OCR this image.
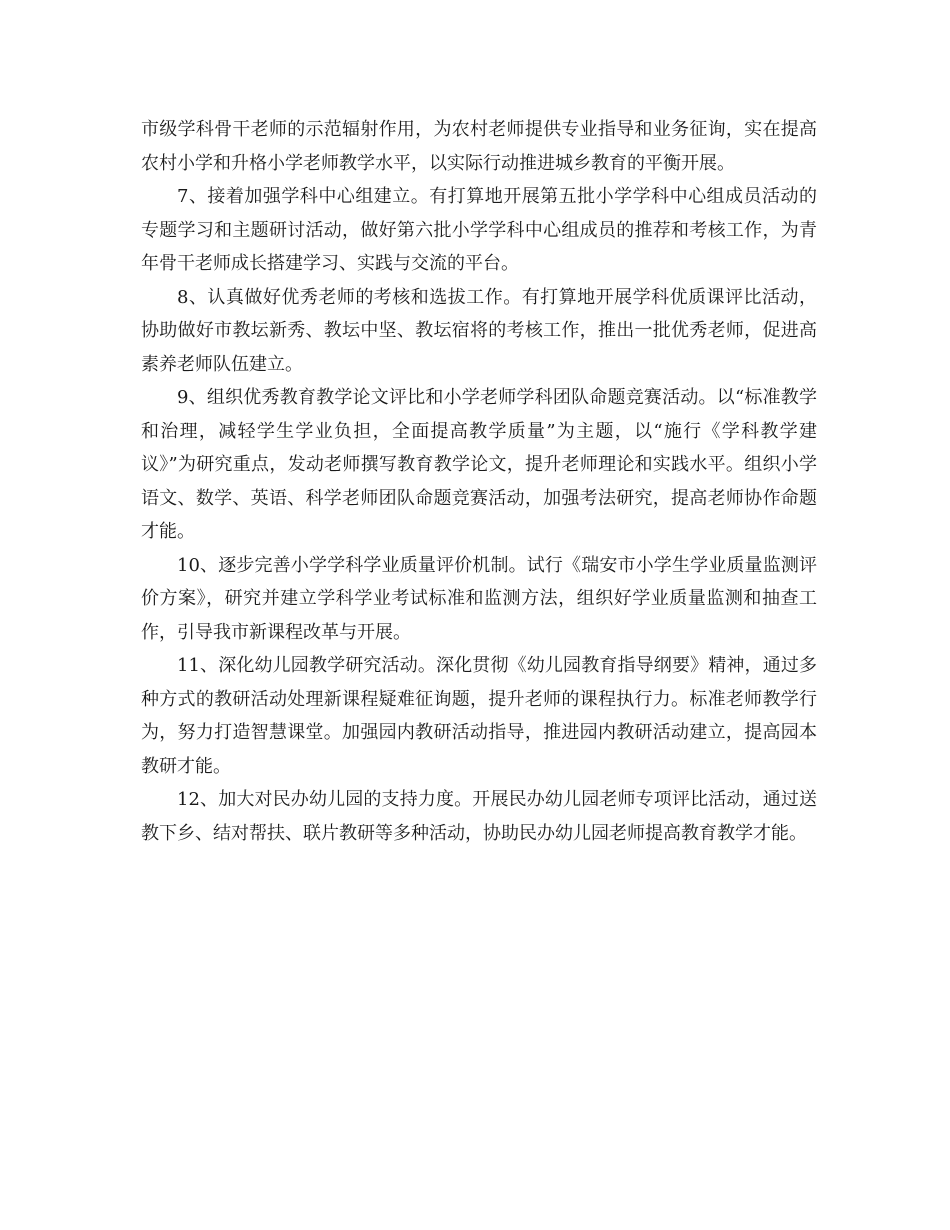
市级学科骨干老师的示范辐射作用，为农村老师提供专业指导和业务征询，实在提高农村小学和升格小学老师教学水平，以实际行动推进城乡教育的平衡开展。

7、接着加强学科中心组建立。有打算地开展第五批小学学科中心组成员活动的专题学习和主题研讨活动，做好第六批小学学科中心组成员的推荐和考核工作，为青年骨干老师成长搭建学习、实践与交流的平台。

8、认真做好优秀老师的考核和选拔工作。有打算地开展学科优质课评比活动，协助做好市教坛新秀、教坛中坚、教坛宿将的考核工作，推出一批优秀老师，促进高素养老师队伍建立。

9、组织优秀教育教学论文评比和小学老师学科团队命题竞赛活动。以“标准教学和治理，减轻学生学业负担，全面提高教学质量”为主题，以“施行《学科教学建议》”为研究重点，发动老师撰写教育教学论文，提升老师理论和实践水平。组织小学语文、数学、英语、科学老师团队命题竞赛活动，加强考法研究，提高老师协作命题才能。

10、逐步完善小学学科学业质量评价机制。试行《瑞安市小学生学业质量监测评价方案》，研究并建立学科学业考试标准和监测方法，组织好学业质量监测和抽查工作，引导我市新课程改革与开展。

11、深化幼儿园教学研究活动。深化贯彻《幼儿园教育指导纲要》精神，通过多种方式的教研活动处理新课程疑难征询题，提升老师的课程执行力。标准老师教学行为，努力打造智慧课堂。加强园内教研活动指导，推进园内教研活动建立，提高园本教研才能。

12、加大对民办幼儿园的支持力度。开展民办幼儿园老师专项评比活动，通过送教下乡、结对帮扶、联片教研等多种活动，协助民办幼儿园老师提高教育教学才能。
